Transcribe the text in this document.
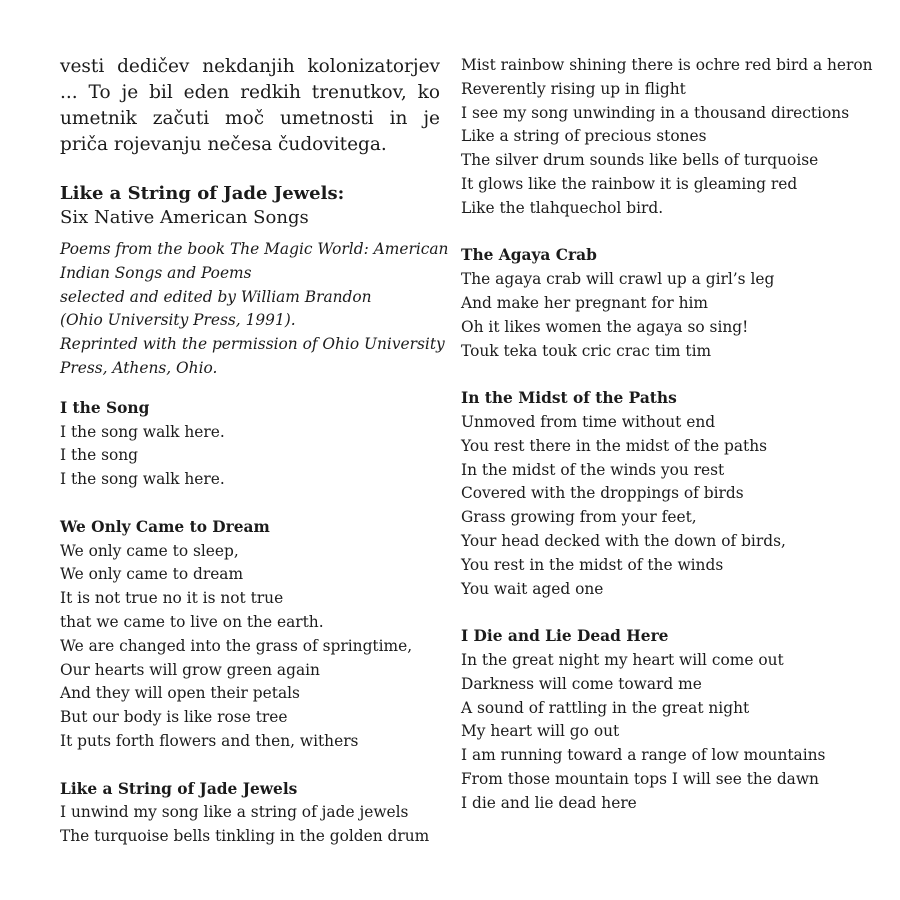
vesti dedičev nekdanjih kolonizatorjev ... To je bil eden redkih trenutkov, ko umetnik začuti moč umetnosti in je priča rojevanju nečesa čudovitega.

Like a String of Jade Jewels:
Six Native American Songs
Poems from the book The Magic World: American
Indian Songs and Poems
selected and edited by William Brandon
(Ohio University Press, 1991).
Reprinted with the permission of Ohio University
Press, Athens, Ohio.
I the Song
I the song walk here.
I the song
I the song walk here.
We Only Came to Dream
We only came to sleep,
We only came to dream
It is not true no it is not true
that we came to live on the earth.
We are changed into the grass of springtime,
Our hearts will grow green again
And they will open their petals
But our body is like rose tree
It puts forth flowers and then, withers
Like a String of Jade Jewels
I unwind my song like a string of jade jewels
The turquoise bells tinkling in the golden drum
Mist rainbow shining there is ochre red bird a heron
Reverently rising up in flight
I see my song unwinding in a thousand directions
Like a string of precious stones
The silver drum sounds like bells of turquoise
It glows like the rainbow it is gleaming red
Like the tlahquechol bird.
The Agaya Crab
The agaya crab will crawl up a girl’s leg
And make her pregnant for him
Oh it likes women the agaya so sing!
Touk teka touk cric crac tim tim
In the Midst of the Paths
Unmoved from time without end
You rest there in the midst of the paths
In the midst of the winds you rest
Covered with the droppings of birds
Grass growing from your feet,
Your head decked with the down of birds,
You rest in the midst of the winds
You wait aged one
I Die and Lie Dead Here
In the great night my heart will come out
Darkness will come toward me
A sound of rattling in the great night
My heart will go out
I am running toward a range of low mountains
From those mountain tops I will see the dawn
I die and lie dead here
